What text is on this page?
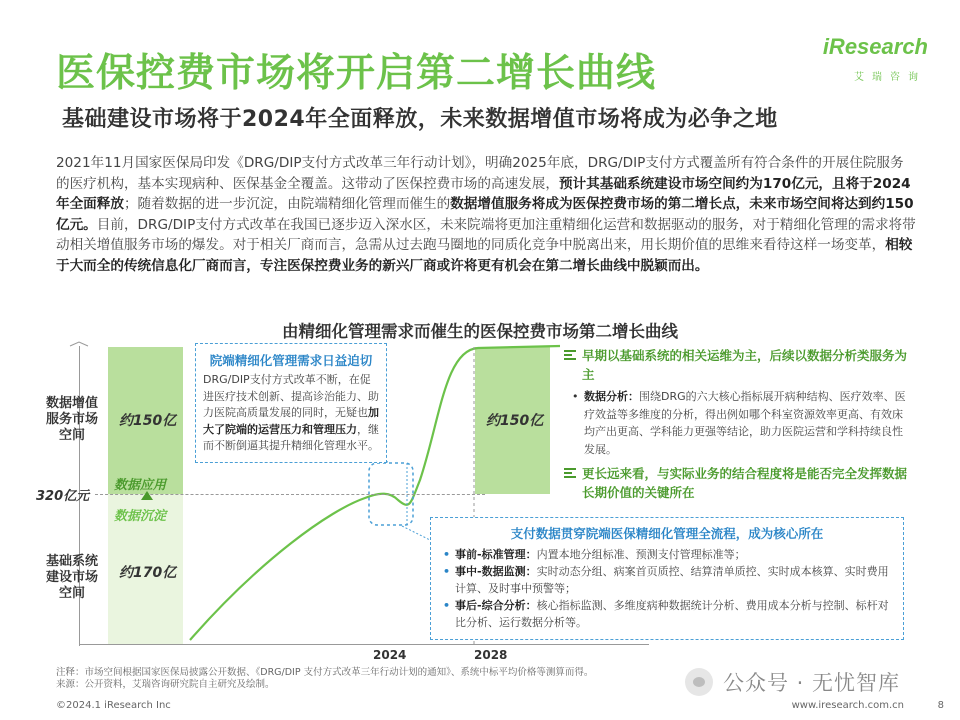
医保控费市场将开启第二增长曲线
基础建设市场将于2024年全面释放，未来数据增值市场将成为必争之地
iResearch
艾瑞咨询
2021年11月国家医保局印发《DRG/DIP支付方式改革三年行动计划》，明确2025年底，DRG/DIP支付方式覆盖所有符合条件的开展住院服务的医疗机构，基本实现病种、医保基金全覆盖。这带动了医保控费市场的高速发展，预计其基础系统建设市场空间约为170亿元，且将于2024年全面释放；随着数据的进一步沉淀，由院端精细化管理而催生的数据增值服务将成为医保控费市场的第二增长点，未来市场空间将达到约150亿元。目前，DRG/DIP支付方式改革在我国已逐步迈入深水区，未来院端将更加注重精细化运营和数据驱动的服务，对于精细化管理的需求将带动相关增值服务市场的爆发。对于相关厂商而言，急需从过去跑马圈地的同质化竞争中脱离出来，用长期价值的思维来看待这样一场变革，相较于大而全的传统信息化厂商而言，专注医保控费业务的新兴厂商或许将更有机会在第二增长曲线中脱颖而出。
由精细化管理需求而催生的医保控费市场第二增长曲线
数据增值服务市场空间
基础系统建设市场空间
约150亿	约150亿
约170亿
320亿元
数据应用
数据沉淀
2024	2028
院端精细化管理需求日益迫切
DRG/DIP支付方式改革不断，在促进医疗技术创新、提高诊治能力、助力医院高质量发展的同时，无疑也加大了院端的运营压力和管理压力，继而不断倒逼其提升精细化管理水平。
早期以基础系统的相关运维为主，后续以数据分析类服务为主
• 数据分析：围绕DRG的六大核心指标展开病种结构、医疗效率、医疗效益等多维度的分析，得出例如哪个科室资源效率更高、有效床均产出更高、学科能力更强等结论，助力医院运营和学科持续良性发展。
更长远来看，与实际业务的结合程度将是能否完全发挥数据长期价值的关键所在
支付数据贯穿院端医保精细化管理全流程，成为核心所在
• 事前-标准管理：内置本地分组标准、预测支付管理标准等；
• 事中-数据监测：实时动态分组、病案首页质控、结算清单质控、实时成本核算、实时费用计算、及时事中预警等；
• 事后-综合分析：核心指标监测、多维度病种数据统计分析、费用成本分析与控制、标杆对比分析、运行数据分析等。
注释：市场空间根据国家医保局披露公开数据、《DRG/DIP 支付方式改革三年行动计划的通知》、系统中标平均价格等测算而得。
来源：公开资料，艾瑞咨询研究院自主研究及绘制。	公众号 · 无忧智库
©2024.1 iResearch Inc	www.iresearch.com.cn	8
